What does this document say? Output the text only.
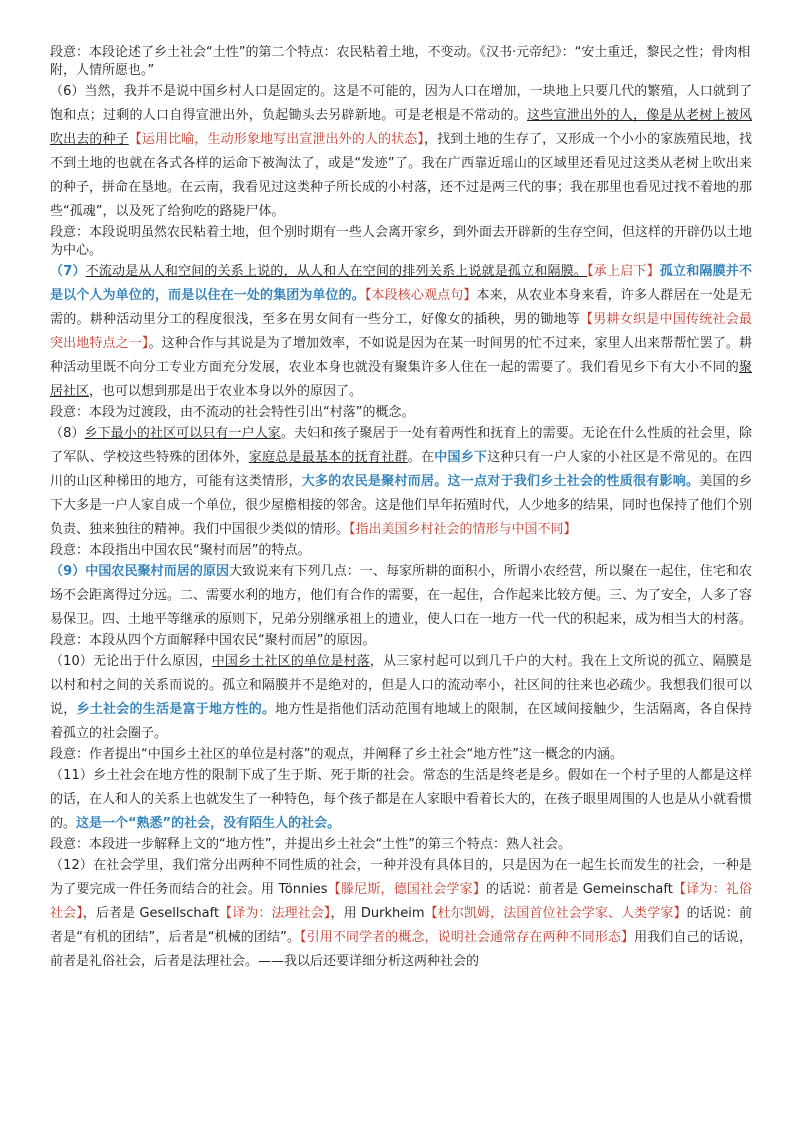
段意：本段论述了乡土社会“土性”的第二个特点：农民粘着土地，不变动。《汉书·元帝纪》：“安土重迁，黎民之性；骨肉相附，人情所愿也。”

（6）当然，我并不是说中国乡村人口是固定的。这是不可能的，因为人口在增加，一块地上只要几代的繁殖，人口就到了饱和点；过剩的人口自得宣泄出外，负起锄头去另辟新地。可是老根是不常动的。这些宣泄出外的人，像是从老树上被风吹出去的种子【运用比喻，生动形象地写出宣泄出外的人的状态】，找到土地的生存了，又形成一个小小的家族殖民地，找不到土地的也就在各式各样的运命下被淘汰了，或是“发迹”了。我在广西靠近瑶山的区域里还看见过这类从老树上吹出来的种子，拼命在垦地。在云南，我看见过这类种子所长成的小村落，还不过是两三代的事；我在那里也看见过找不着地的那些“孤魂”，以及死了给狗吃的路毙尸体。

段意：本段说明虽然农民粘着土地，但个别时期有一些人会离开家乡，到外面去开辟新的生存空间，但这样的开辟仍以土地为中心。

（7）不流动是从人和空间的关系上说的，从人和人在空间的排列关系上说就是孤立和隔膜。【承上启下】孤立和隔膜并不是以个人为单位的，而是以住在一处的集团为单位的。【本段核心观点句】本来，从农业本身来看，许多人群居在一处是无需的。耕种活动里分工的程度很浅，至多在男女间有一些分工，好像女的插秧，男的锄地等【男耕女织是中国传统社会最突出地特点之一】。这种合作与其说是为了增加效率，不如说是因为在某一时间男的忙不过来，家里人出来帮帮忙罢了。耕种活动里既不向分工专业方面充分发展，农业本身也就没有聚集许多人住在一起的需要了。我们看见乡下有大小不同的聚居社区，也可以想到那是出于农业本身以外的原因了。

段意：本段为过渡段，由不流动的社会特性引出“村落”的概念。

（8）乡下最小的社区可以只有一户人家。夫妇和孩子聚居于一处有着两性和抚育上的需要。无论在什么性质的社会里，除了军队、学校这些特殊的团体外，家庭总是最基本的抚育社群。在中国乡下这种只有一户人家的小社区是不常见的。在四川的山区种梯田的地方，可能有这类情形，大多的农民是聚村而居。这一点对于我们乡土社会的性质很有影响。美国的乡下大多是一户人家自成一个单位，很少屋檐相接的邻舍。这是他们早年拓殖时代，人少地多的结果，同时也保持了他们个别负责、独来独往的精神。我们中国很少类似的情形。【指出美国乡村社会的情形与中国不同】

段意：本段指出中国农民“聚村而居”的特点。

（9）中国农民聚村而居的原因大致说来有下列几点：一、每家所耕的面积小，所谓小农经营，所以聚在一起住，住宅和农场不会距离得过分远。二、需要水利的地方，他们有合作的需要，在一起住，合作起来比较方便。三、为了安全，人多了容易保卫。四、土地平等继承的原则下，兄弟分别继承祖上的遗业，使人口在一地方一代一代的积起来，成为相当大的村落。

段意：本段从四个方面解释中国农民“聚村而居”的原因。

（10）无论出于什么原因，中国乡土社区的单位是村落，从三家村起可以到几千户的大村。我在上文所说的孤立、隔膜是以村和村之间的关系而说的。孤立和隔膜并不是绝对的，但是人口的流动率小，社区间的往来也必疏少。我想我们很可以说，乡土社会的生活是富于地方性的。地方性是指他们活动范围有地域上的限制，在区域间接触少，生活隔离，各自保持着孤立的社会圈子。

段意：作者提出“中国乡土社区的单位是村落”的观点，并阐释了乡土社会“地方性”这一概念的内涵。

（11）乡土社会在地方性的限制下成了生于斯、死于斯的社会。常态的生活是终老是乡。假如在一个村子里的人都是这样的话，在人和人的关系上也就发生了一种特色，每个孩子都是在人家眼中看着长大的，在孩子眼里周围的人也是从小就看惯的。这是一个“熟悉”的社会，没有陌生人的社会。

段意：本段进一步解释上文的“地方性”，并提出乡土社会“土性”的第三个特点：熟人社会。

（12）在社会学里，我们常分出两种不同性质的社会，一种并没有具体目的，只是因为在一起生长而发生的社会，一种是为了要完成一件任务而结合的社会。用 Tönnies【滕尼斯，德国社会学家】的话说：前者是 Gemeinschaft【译为：礼俗社会】，后者是 Gesellschaft【译为：法理社会】，用 Durkheim【杜尔凯姆，法国首位社会学家、人类学家】的话说：前者是“有机的团结”，后者是“机械的团结”。【引用不同学者的概念，说明社会通常存在两种不同形态】用我们自己的话说，前者是礼俗社会，后者是法理社会。——我以后还要详细分析这两种社会的
